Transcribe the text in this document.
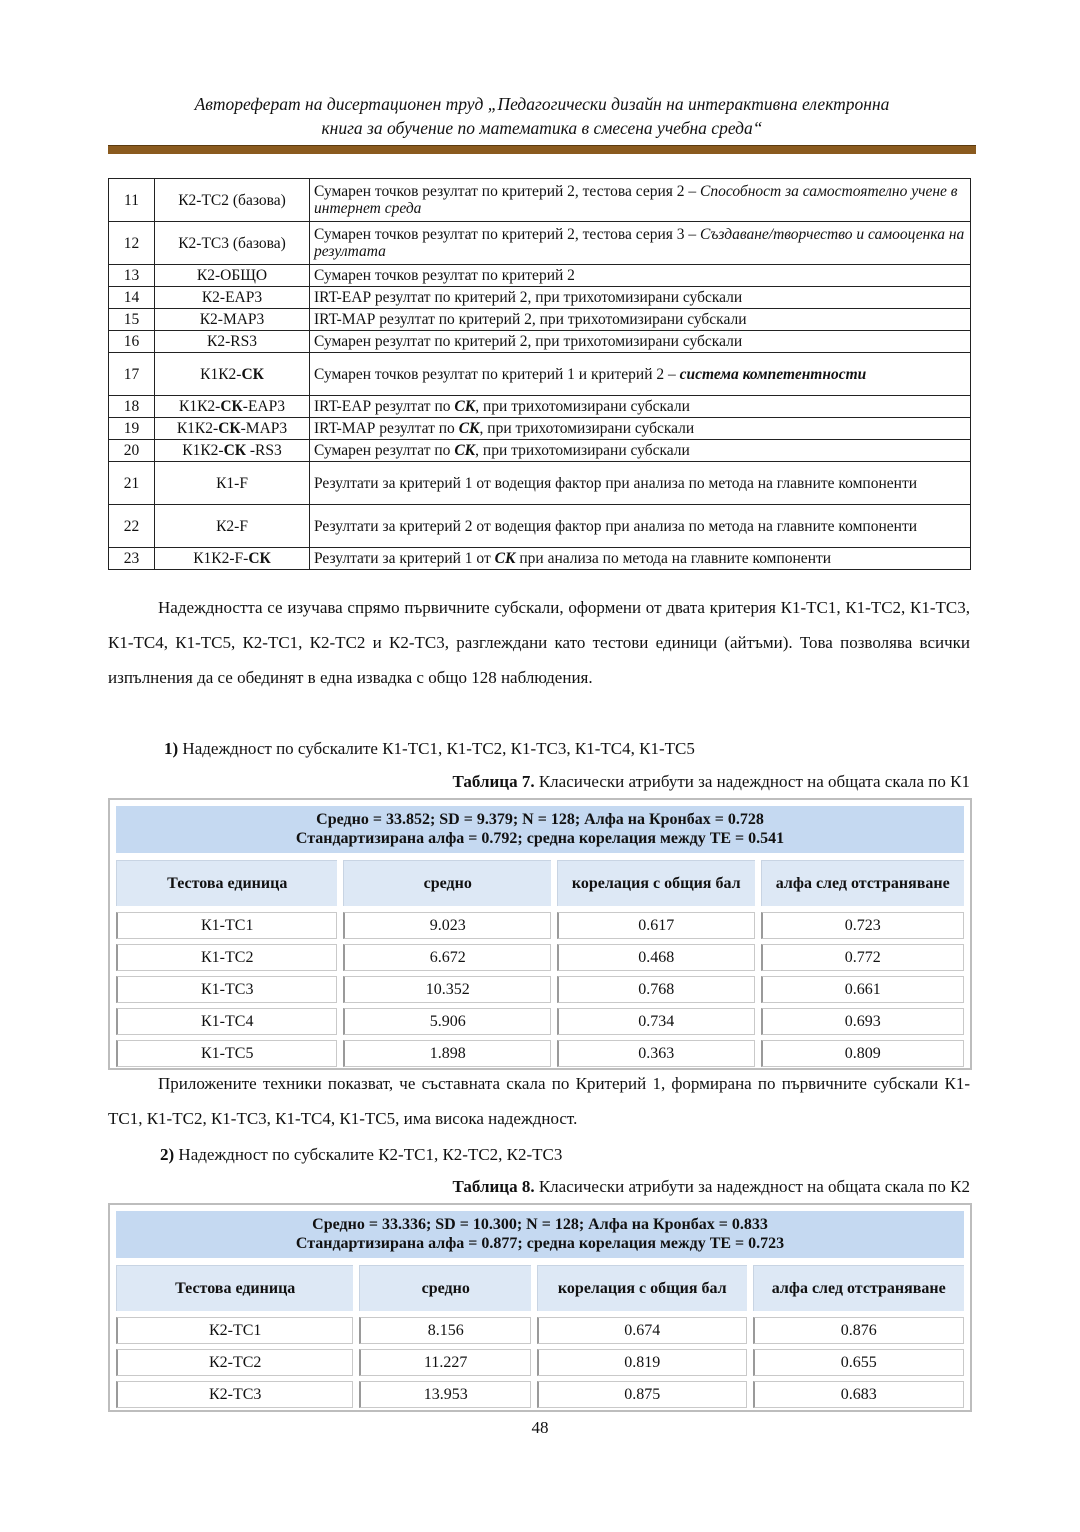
Автореферат на дисертационен труд „Педагогически дизайн на интерактивна електронна
книга за обучение по математика в смесена учебна среда“
11	К2-ТС2 (базова)	Сумарен точков резултат по критерий 2, тестова серия 2 – Способност за самостоятелно учене в интернет среда
12	К2-ТС3 (базова)	Сумарен точков резултат по критерий 2, тестова серия 3 – Създаване/творчество и самооценка на резултата
13	К2-ОБЩО	Сумарен точков резултат по критерий 2
14	К2-ЕАР3	IRT-ЕАР резултат по критерий 2, при трихотомизирани субскали
15	К2-МАР3	IRT-МАР резултат по критерий 2, при трихотомизирани субскали
16	К2-RS3	Сумарен резултат по критерий 2, при трихотомизирани субскали
17	К1К2-СК	Сумарен точков резултат по критерий 1 и критерий 2 – система компетентности
18	К1К2-СК-ЕАР3	IRT-ЕАР резултат по СК, при трихотомизирани субскали
19	К1К2-СК-МАР3	IRT-МАР резултат по СК, при трихотомизирани субскали
20	К1К2-СК -RS3	Сумарен резултат по СК, при трихотомизирани субскали
21	К1-F	Резултати за критерий 1 от водещия фактор при анализа по метода на главните компоненти
22	К2-F	Резултати за критерий 2 от водещия фактор при анализа по метода на главните компоненти
23	К1К2-F-СК	Резултати за критерий 1 от СК при анализа по метода на главните компоненти
Надеждността се изучава спрямо първичните субскали, оформени от двата критерия К1-ТС1, К1-ТС2, К1-ТС3, К1-ТС4, К1-ТС5, К2-ТС1, К2-ТС2 и К2-ТС3, разглеждани като тестови единици (айтъми). Това позволява всички изпълнения да се обединят в една извадка с общо 128 наблюдения.
1) Надеждност по субскалите К1-ТС1, К1-ТС2, К1-ТС3, К1-ТС4, К1-ТС5
Таблица 7. Класически атрибути за надеждност на общата скала по К1
Средно = 33.852; SD = 9.379; N = 128; Алфа на Кронбах = 0.728
Стандартизирана алфа = 0.792; средна корелация между ТЕ = 0.541
Тестова единица	средно	корелация с общия бал	алфа след отстраняване
К1-ТС1	9.023	0.617	0.723
К1-ТС2	6.672	0.468	0.772
К1-ТС3	10.352	0.768	0.661
К1-ТС4	5.906	0.734	0.693
К1-ТС5	1.898	0.363	0.809
Приложените техники показват, че съставната скала по Критерий 1, формирана по първичните субскали К1-ТС1, К1-ТС2, К1-ТС3, К1-ТС4, К1-ТС5, има висока надеждност.
2) Надеждност по субскалите К2-ТС1, К2-ТС2, К2-ТС3
Таблица 8. Класически атрибути за надеждност на общата скала по К2
Средно = 33.336; SD = 10.300; N = 128; Алфа на Кронбах = 0.833
Стандартизирана алфа = 0.877; средна корелация между ТЕ = 0.723
Тестова единица	средно	корелация с общия бал	алфа след отстраняване
К2-ТС1	8.156	0.674	0.876
К2-ТС2	11.227	0.819	0.655
К2-ТС3	13.953	0.875	0.683
48
